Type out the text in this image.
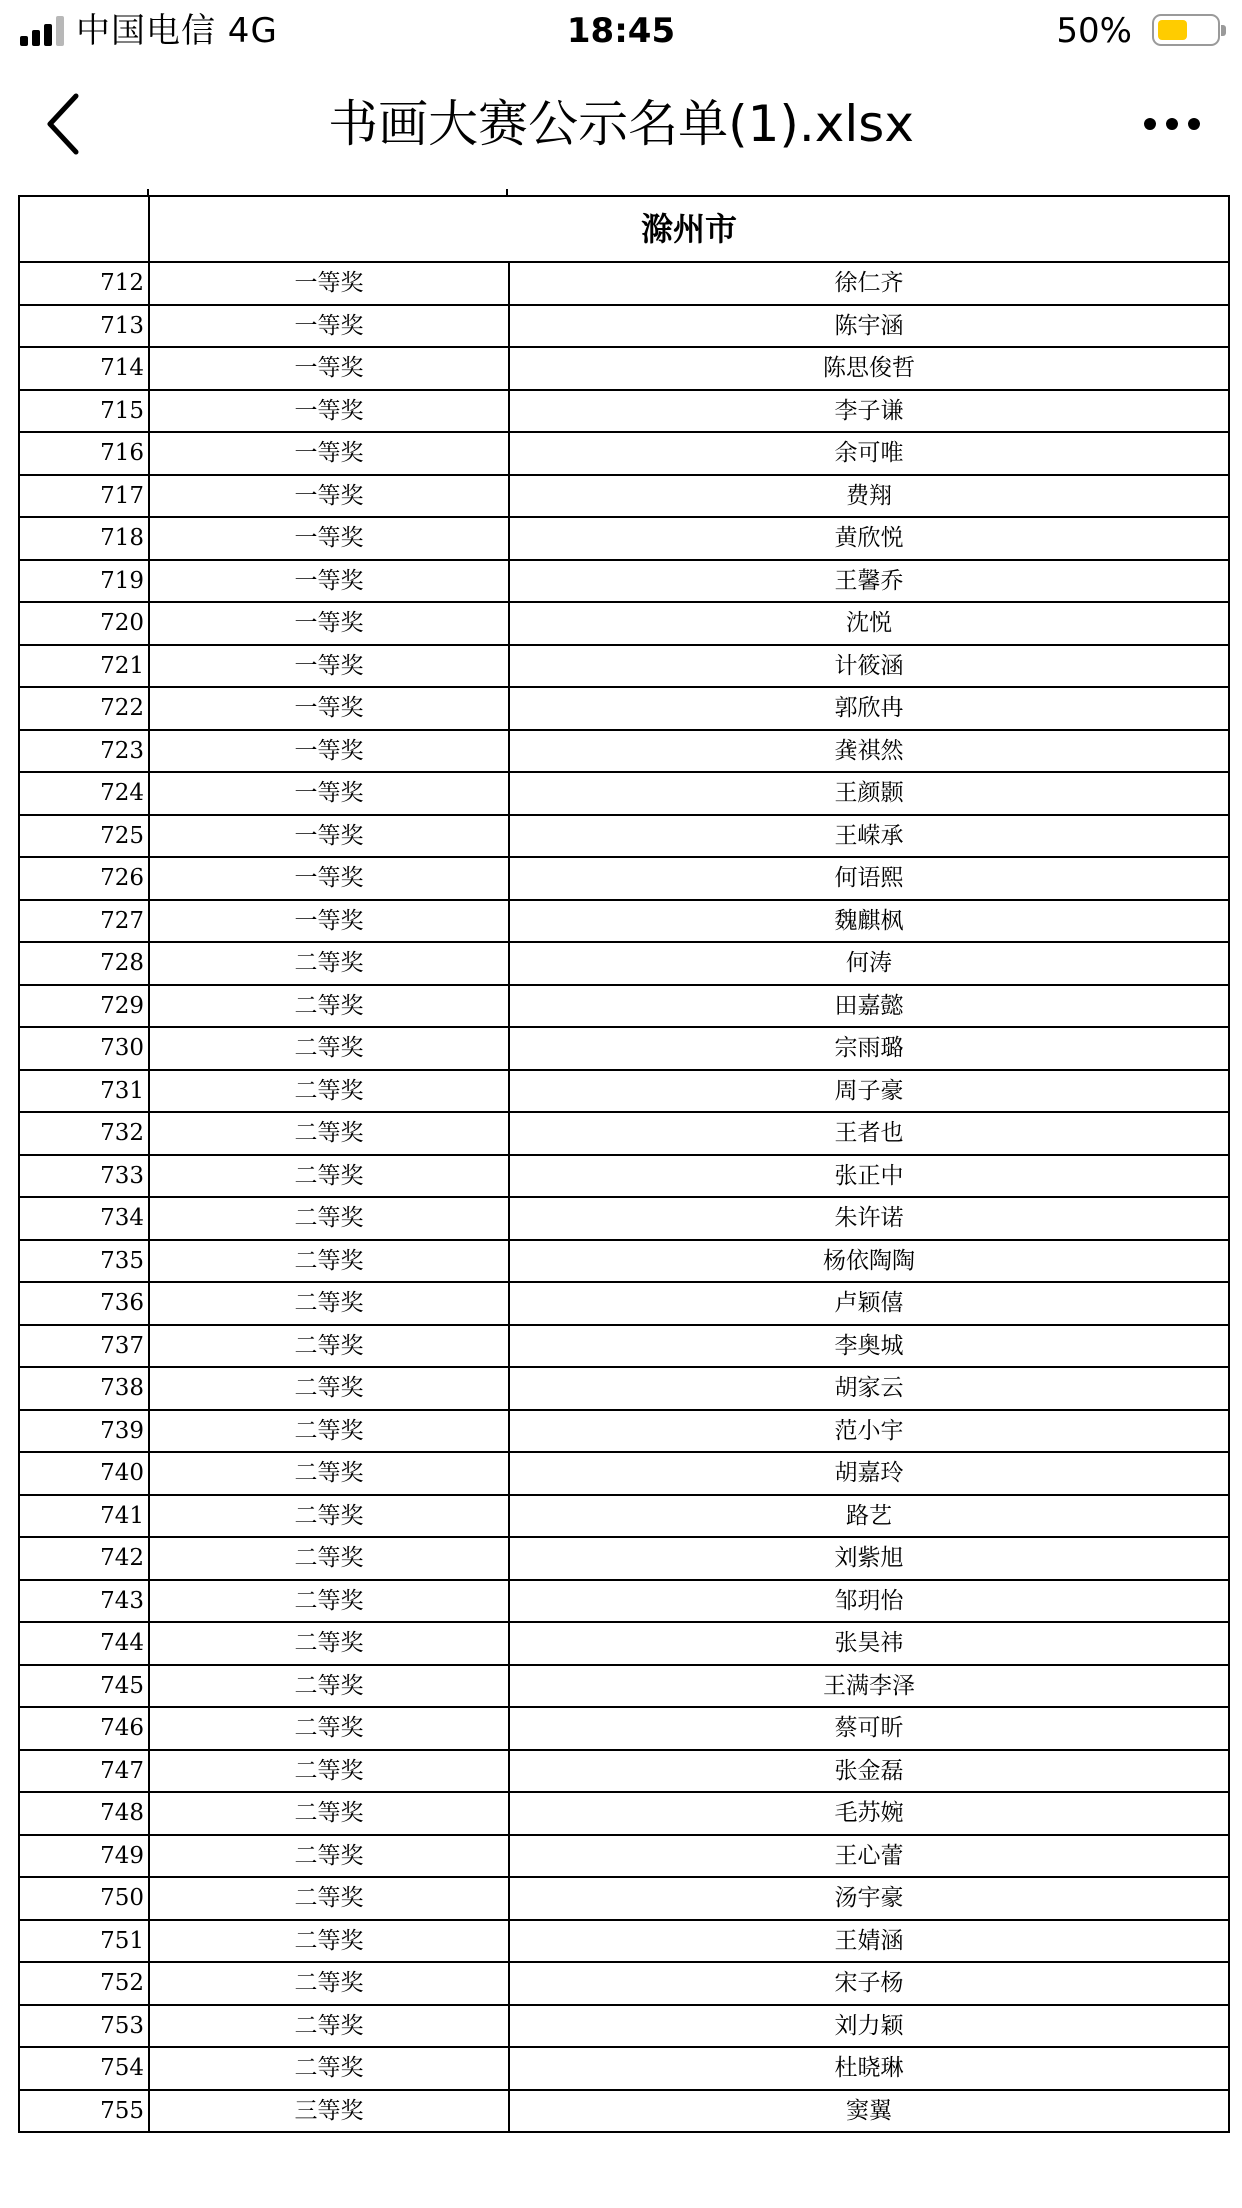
中国电信 4G	18:45	50%
书画大赛公示名单(1).xlsx
	滁州市	
712	一等奖	徐仁齐
713	一等奖	陈宇涵
714	一等奖	陈思俊哲
715	一等奖	李子谦
716	一等奖	余可唯
717	一等奖	费翔
718	一等奖	黄欣悦
719	一等奖	王馨乔
720	一等奖	沈悦
721	一等奖	计筱涵
722	一等奖	郭欣冉
723	一等奖	龚祺然
724	一等奖	王颜颢
725	一等奖	王嵘承
726	一等奖	何语熙
727	一等奖	魏麒枫
728	二等奖	何涛
729	二等奖	田嘉懿
730	二等奖	宗雨璐
731	二等奖	周子豪
732	二等奖	王者也
733	二等奖	张正中
734	二等奖	朱许诺
735	二等奖	杨依陶陶
736	二等奖	卢颖僖
737	二等奖	李奥城
738	二等奖	胡家云
739	二等奖	范小宇
740	二等奖	胡嘉玲
741	二等奖	路艺
742	二等奖	刘紫旭
743	二等奖	邹玥怡
744	二等奖	张昊祎
745	二等奖	王满李泽
746	二等奖	蔡可昕
747	二等奖	张金磊
748	二等奖	毛苏婉
749	二等奖	王心蕾
750	二等奖	汤宇豪
751	二等奖	王婧涵
752	二等奖	宋子杨
753	二等奖	刘力颖
754	二等奖	杜晓琳
755	三等奖	窦翼
